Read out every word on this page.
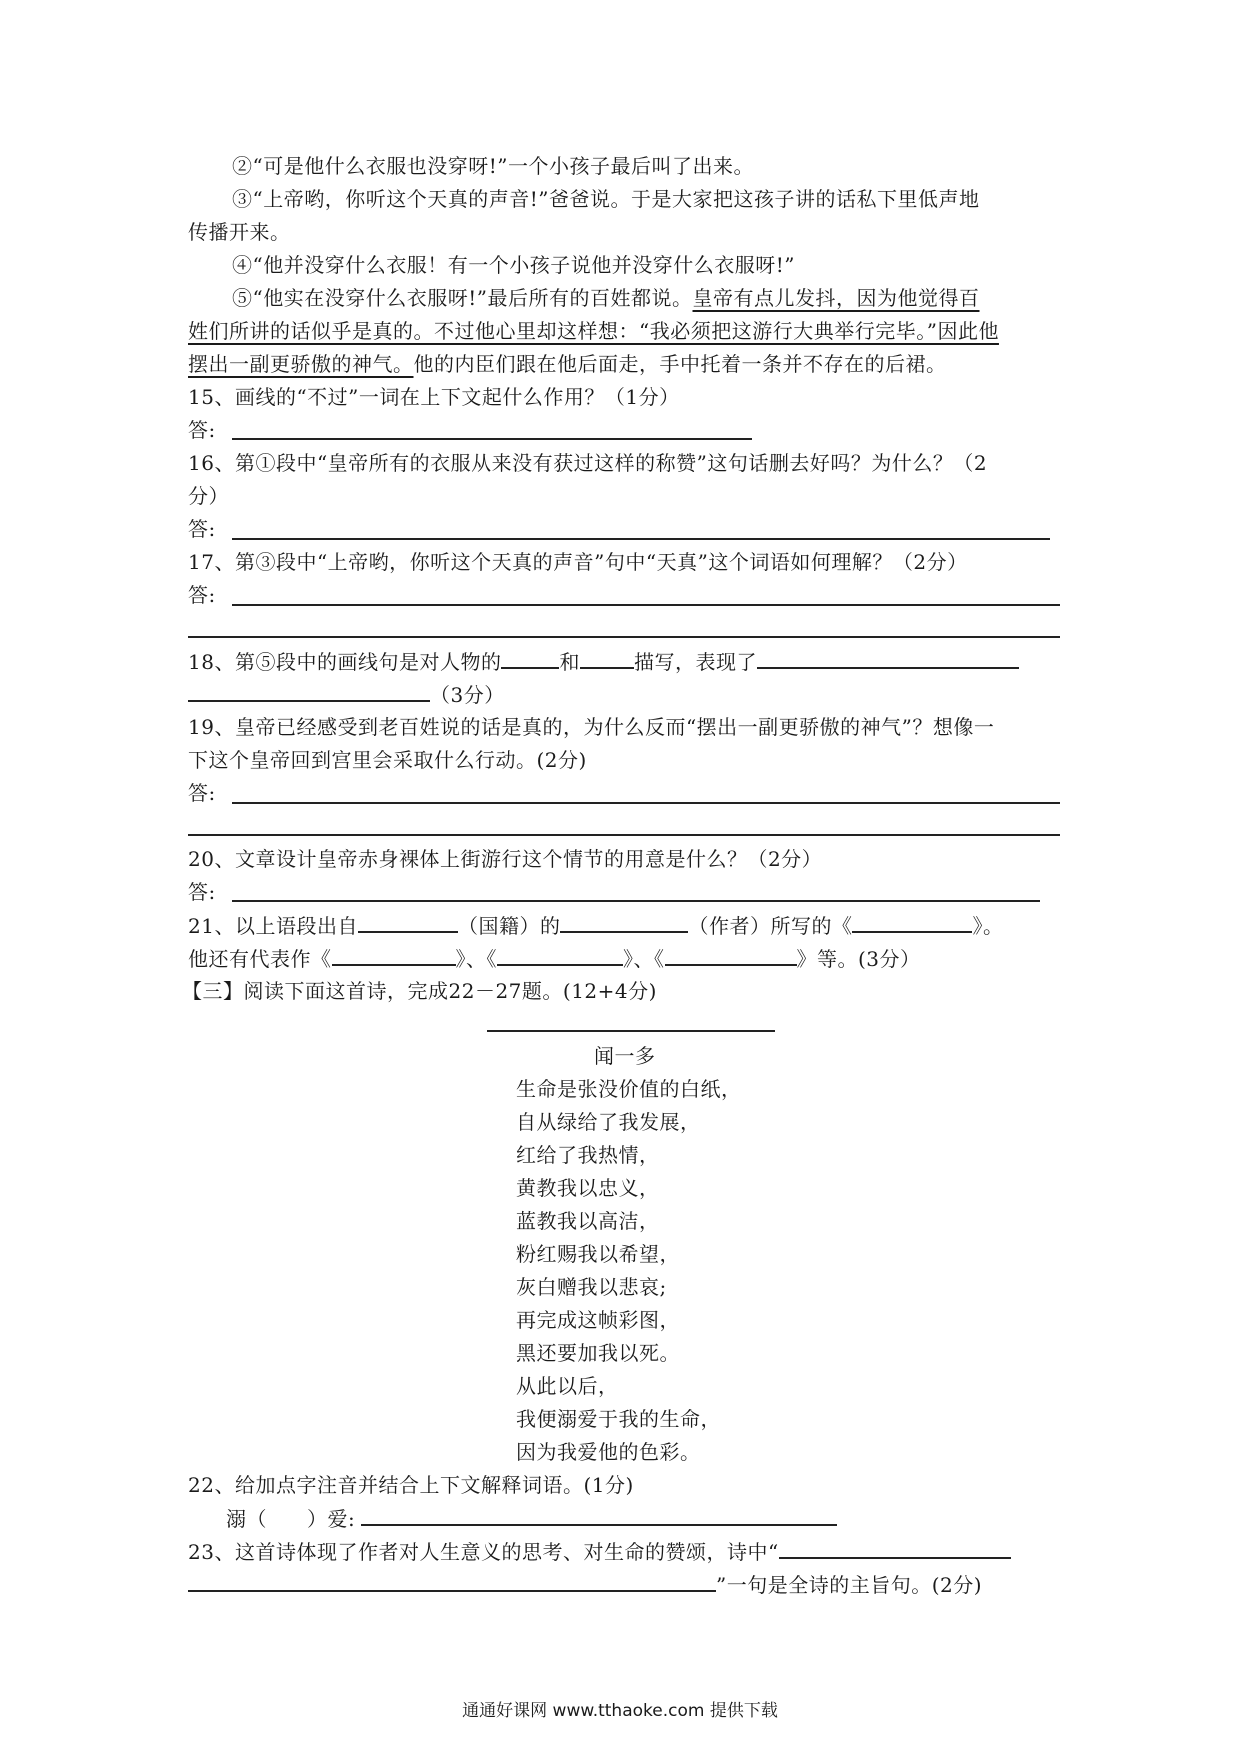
②“可是他什么衣服也没穿呀!”一个小孩子最后叫了出来。
③“上帝哟，你听这个天真的声音!”爸爸说。于是大家把这孩子讲的话私下里低声地
传播开来。
④“他并没穿什么衣服！有一个小孩子说他并没穿什么衣服呀!”
⑤“他实在没穿什么衣服呀!”最后所有的百姓都说。皇帝有点儿发抖，因为他觉得百
姓们所讲的话似乎是真的。不过他心里却这样想：“我必须把这游行大典举行完毕。”因此他
摆出一副更骄傲的神气。他的内臣们跟在他后面走，手中托着一条并不存在的后裙。
15、画线的“不过”一词在上下文起什么作用？（1分）
答:
16、第①段中“皇帝所有的衣服从来没有获过这样的称赞”这句话删去好吗？为什么？（2
分）
答:
17、第③段中“上帝哟，你听这个天真的声音”句中“天真”这个词语如何理解？（2分）
答:
18、第⑤段中的画线句是对人物的	和	描写，表现了
（3分）
19、皇帝已经感受到老百姓说的话是真的，为什么反而“摆出一副更骄傲的神气”？想像一
下这个皇帝回到宫里会采取什么行动。(2分)
答:
20、文章设计皇帝赤身裸体上街游行这个情节的用意是什么？（2分）
答:
21、以上语段出自	（国籍）的	（作者）所写的《	》。
他还有代表作《	》、《	》、《	》等。(3分）
【三】阅读下面这首诗，完成22－27题。(12+4分)
闻一多
生命是张没价值的白纸，
自从绿给了我发展，
红给了我热情，
黄教我以忠义，
蓝教我以高洁，
粉红赐我以希望，
灰白赠我以悲哀;
再完成这帧彩图，
黑还要加我以死。
从此以后，
我便溺爱于我的生命，
因为我爱他的色彩。
22、给加点字注音并结合上下文解释词语。(1分)
溺（ ）爱:
23、这首诗体现了作者对人生意义的思考、对生命的赞颂，诗中“
”一句是全诗的主旨句。(2分)
通通好课网 www.tthaoke.com 提供下载
